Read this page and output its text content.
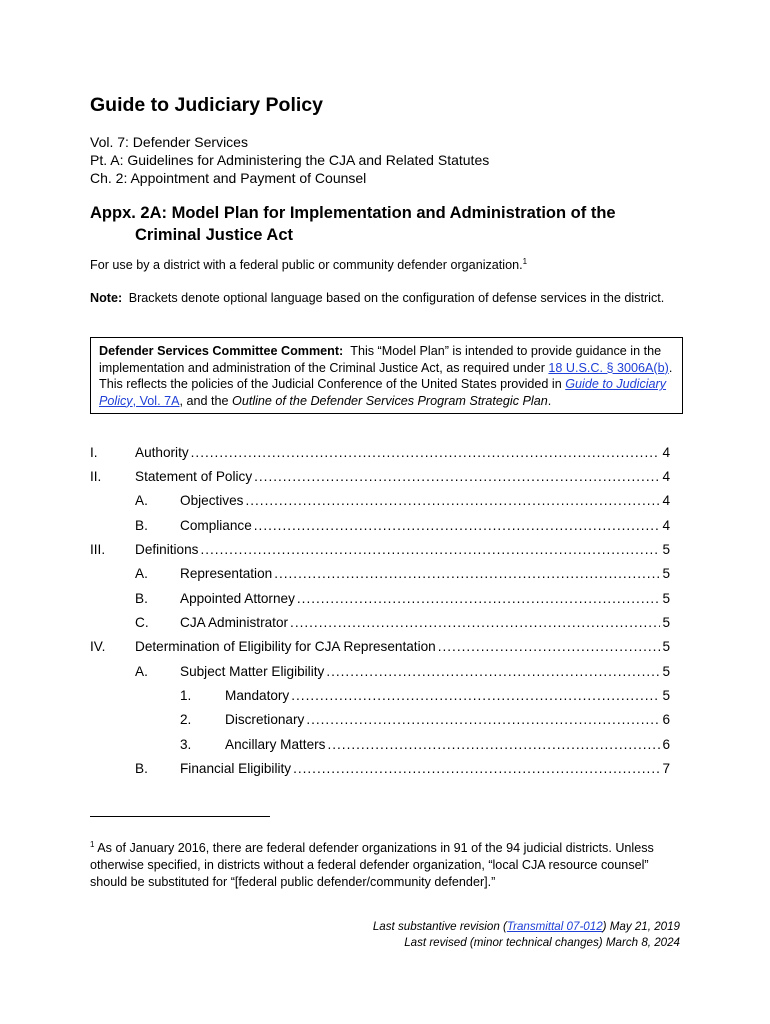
Guide to Judiciary Policy
Vol. 7: Defender Services
Pt. A: Guidelines for Administering the CJA and Related Statutes
Ch. 2: Appointment and Payment of Counsel
Appx. 2A: Model Plan for Implementation and Administration of the
Criminal Justice Act
For use by a district with a federal public or community defender organization.$^1$
Note: Brackets denote optional language based on the configuration of defense services in the district.
Defender Services Committee Comment: This “Model Plan” is intended to provide guidance in the implementation and administration of the Criminal Justice Act, as required under 18 U.S.C. § 3006A(b). This reflects the policies of the Judicial Conference of the United States provided in Guide to Judiciary Policy, Vol. 7A, and the Outline of the Defender Services Program Strategic Plan.
I.	Authority .....	4
II. Statement of Policy .....	4
A. Objectives .....	4
B. Compliance .....	4
III. Definitions .....	5
A. Representation .....	5
B. Appointed Attorney .....	5
C. CJA Administrator .....	5
IV. Determination of Eligibility for CJA Representation .....	5
A. Subject Matter Eligibility .....	5
1. Mandatory .....	5
2. Discretionary .....	6
3. Ancillary Matters .....	6
B. Financial Eligibility .....	7
$^1$ As of January 2016, there are federal defender organizations in 91 of the 94 judicial districts. Unless otherwise specified, in districts without a federal defender organization, “local CJA resource counsel” should be substituted for “[federal public defender/community defender].”
Last substantive revision (Transmittal 07-012) May 21, 2019
Last revised (minor technical changes) March 8, 2024
